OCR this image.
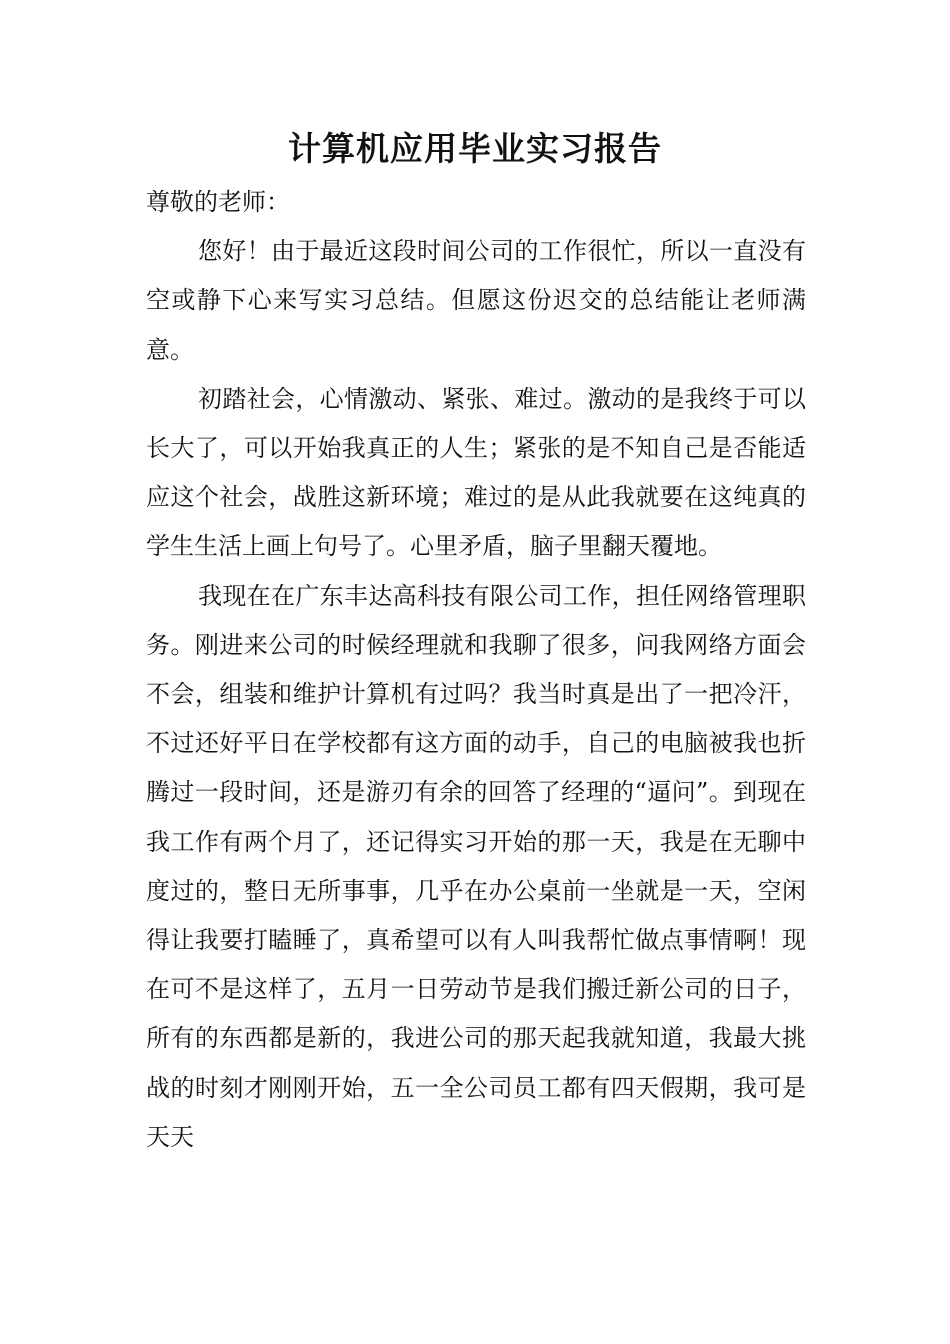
计算机应用毕业实习报告

尊敬的老师：

您好！由于最近这段时间公司的工作很忙，所以一直没有空或静下心来写实习总结。但愿这份迟交的总结能让老师满意。

初踏社会，心情激动、紧张、难过。激动的是我终于可以长大了，可以开始我真正的人生；紧张的是不知自己是否能适应这个社会，战胜这新环境；难过的是从此我就要在这纯真的学生生活上画上句号了。心里矛盾，脑子里翻天覆地。

我现在在广东丰达高科技有限公司工作，担任网络管理职务。刚进来公司的时候经理就和我聊了很多，问我网络方面会不会，组装和维护计算机有过吗？我当时真是出了一把冷汗，不过还好平日在学校都有这方面的动手，自己的电脑被我也折腾过一段时间，还是游刃有余的回答了经理的“逼问”。到现在我工作有两个月了，还记得实习开始的那一天，我是在无聊中度过的，整日无所事事，几乎在办公桌前一坐就是一天，空闲得让我要打瞌睡了，真希望可以有人叫我帮忙做点事情啊！现在可不是这样了，五月一日劳动节是我们搬迁新公司的日子，所有的东西都是新的，我进公司的那天起我就知道，我最大挑战的时刻才刚刚开始，五一全公司员工都有四天假期，我可是天天
